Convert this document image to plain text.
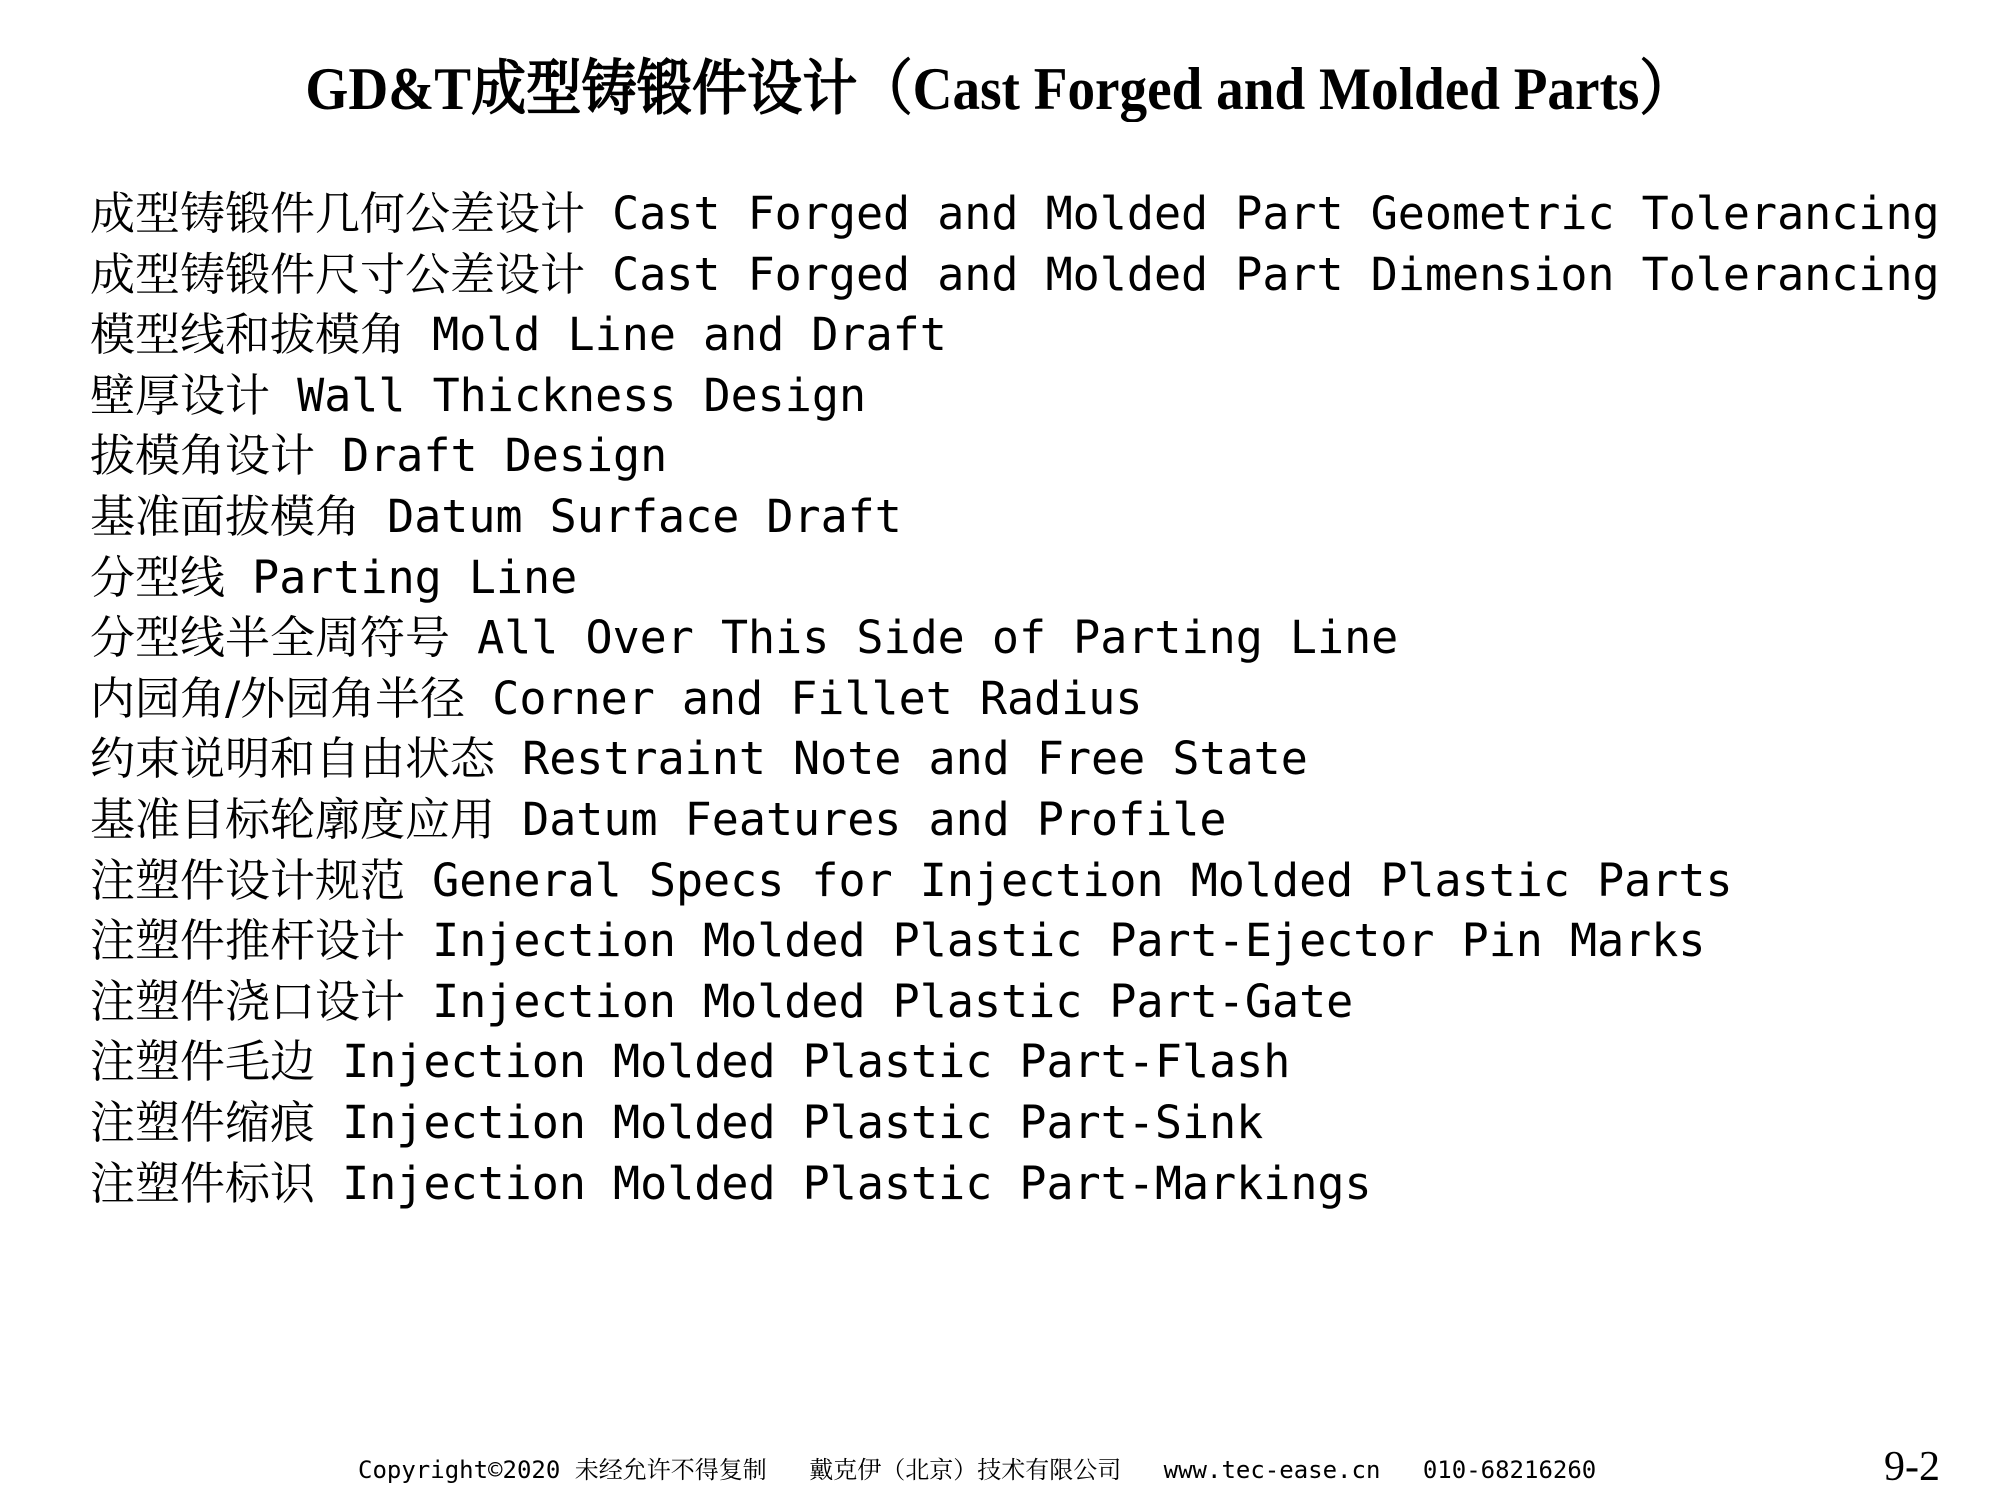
GD&T成型铸锻件设计（Cast Forged and Molded Parts）
成型铸锻件几何公差设计 Cast Forged and Molded Part Geometric Tolerancing
成型铸锻件尺寸公差设计 Cast Forged and Molded Part Dimension Tolerancing
模型线和拔模角 Mold Line and Draft
壁厚设计 Wall Thickness Design
拔模角设计 Draft Design
基准面拔模角 Datum Surface Draft
分型线 Parting Line
分型线半全周符号 All Over This Side of Parting Line
内园角/外园角半径 Corner and Fillet Radius
约束说明和自由状态 Restraint Note and Free State
基准目标轮廓度应用 Datum Features and Profile
注塑件设计规范 General Specs for Injection Molded Plastic Parts
注塑件推杆设计 Injection Molded Plastic Part-Ejector Pin Marks
注塑件浇口设计 Injection Molded Plastic Part-Gate
注塑件毛边 Injection Molded Plastic Part-Flash
注塑件缩痕 Injection Molded Plastic Part-Sink
注塑件标识 Injection Molded Plastic Part-Markings
Copyright©2020 未经允许不得复制 戴克伊（北京）技术有限公司 www.tec-ease.cn 010-68216260	9-2
